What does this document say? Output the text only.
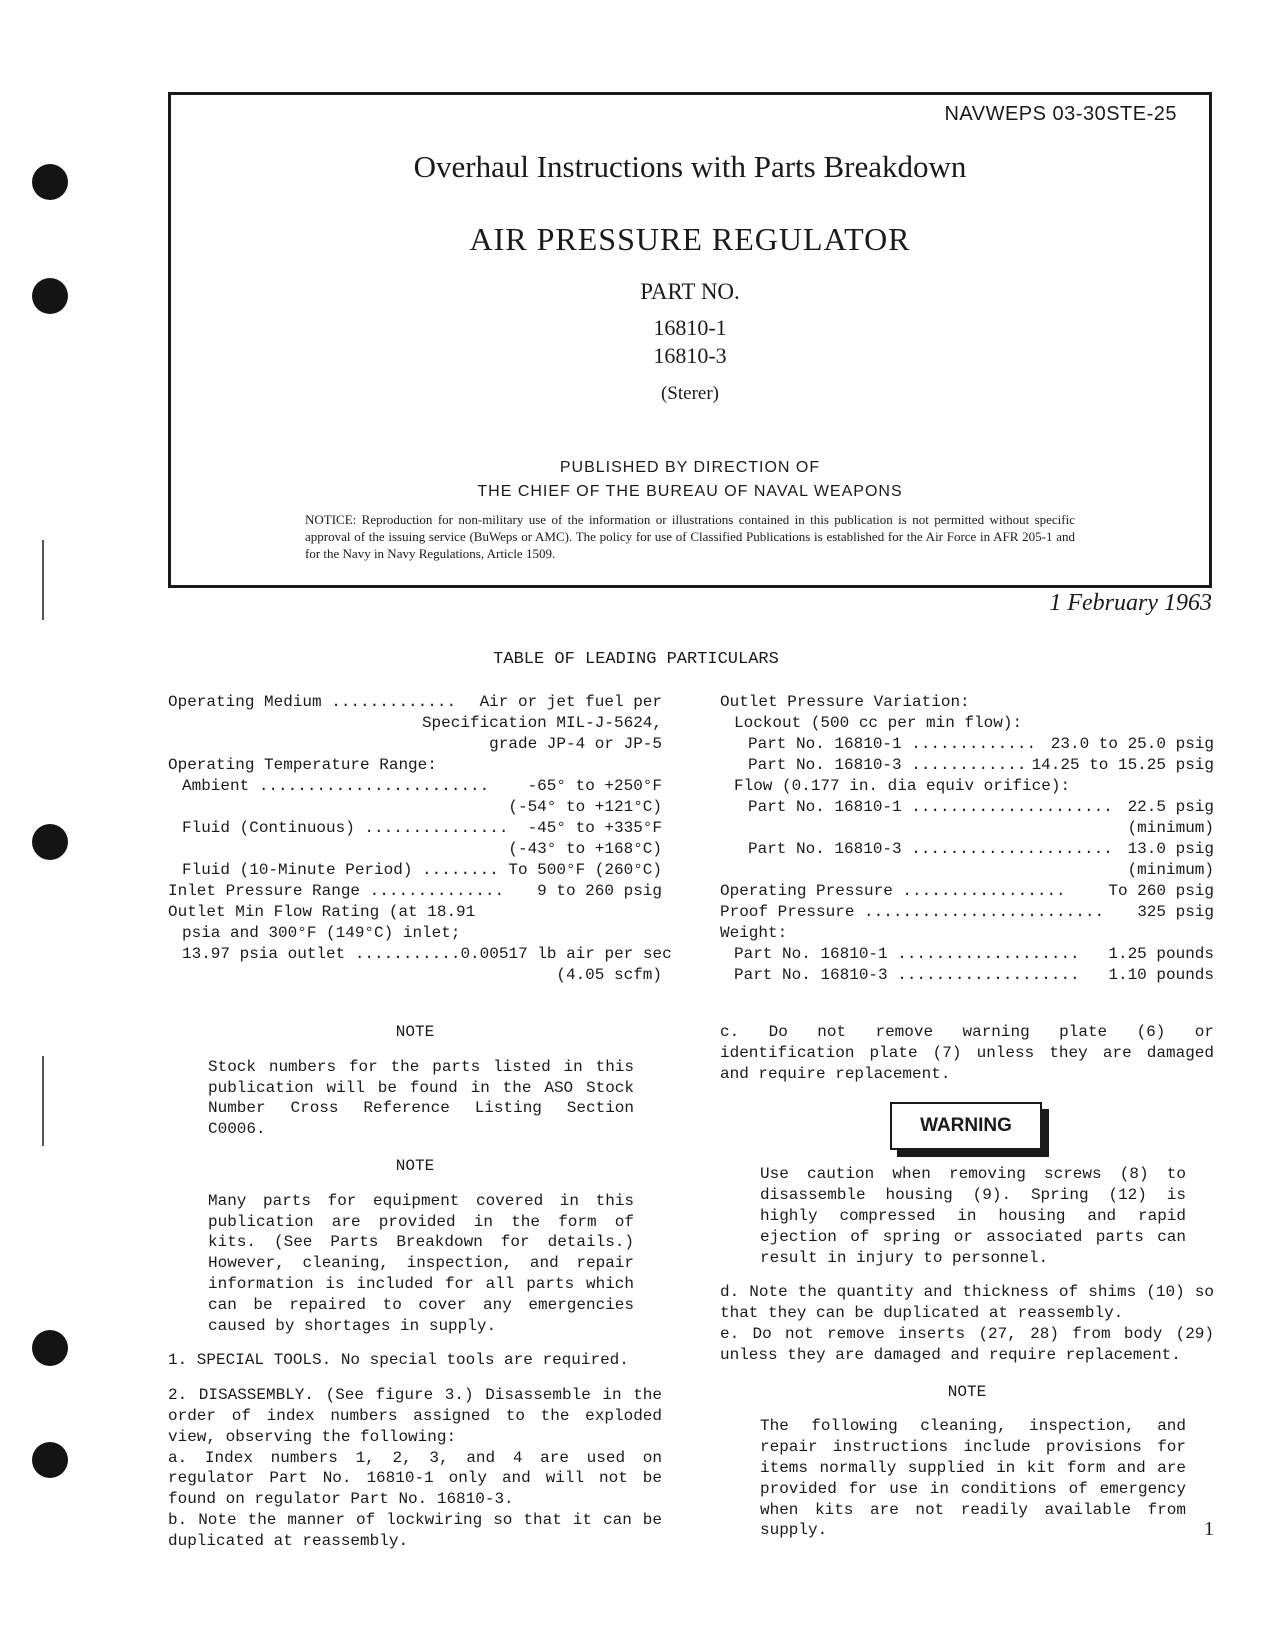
NAVWEPS 03-30STE-25
Overhaul Instructions with Parts Breakdown
AIR PRESSURE REGULATOR
PART NO.
16810-1
16810-3
(Sterer)
PUBLISHED BY DIRECTION OF
THE CHIEF OF THE BUREAU OF NAVAL WEAPONS
NOTICE: Reproduction for non-military use of the information or illustrations contained in this publication is not permitted without specific approval of the issuing service (BuWeps or AMC). The policy for use of Classified Publications is established for the Air Force in AFR 205-1 and for the Navy in Navy Regulations, Article 1509.
1 February 1963
TABLE OF LEADING PARTICULARS
Operating Medium ............. Air or jet fuel per
Specification MIL-J-5624,
grade JP-4 or JP-5
Operating Temperature Range:
Ambient ........................ -65° to +250°F
(-54° to +121°C)
Fluid (Continuous) ............... -45° to +335°F
(-43° to +168°C)
Fluid (10-Minute Period) ........ To 500°F (260°C)
Inlet Pressure Range .............. 9 to 260 psig
Outlet Min Flow Rating (at 18.91
psia and 300°F (149°C) inlet;
13.97 psia outlet ........... 0.00517 lb air per sec
(4.05 scfm)
Outlet Pressure Variation:
Lockout (500 cc per min flow):
Part No. 16810-1 ............. 23.0 to 25.0 psig
Part No. 16810-3 ............ 14.25 to 15.25 psig
Flow (0.177 in. dia equiv orifice):
Part No. 16810-1 ..................... 22.5 psig
(minimum)
Part No. 16810-3 ..................... 13.0 psig
(minimum)
Operating Pressure .................	To 260 psig
Proof Pressure ......................... 325 psig
Weight:
Part No. 16810-1 ................... 1.25 pounds
Part No. 16810-3 ................... 1.10 pounds
NOTE
Stock numbers for the parts listed in this publication will be found in the ASO Stock Number Cross Reference Listing Section C0006.
NOTE
Many parts for equipment covered in this publication are provided in the form of kits. (See Parts Breakdown for details.) However, cleaning, inspection, and repair information is included for all parts which can be repaired to cover any emergencies caused by shortages in supply.
1. SPECIAL TOOLS. No special tools are required.
2. DISASSEMBLY. (See figure 3.) Disassemble in the order of index numbers assigned to the exploded view, observing the following:
a. Index numbers 1, 2, 3, and 4 are used on regulator Part No. 16810-1 only and will not be found on regulator Part No. 16810-3.
b. Note the manner of lockwiring so that it can be duplicated at reassembly.
c. Do not remove warning plate (6) or identification plate (7) unless they are damaged and require replacement.
WARNING
Use caution when removing screws (8) to disassemble housing (9). Spring (12) is highly compressed in housing and rapid ejection of spring or associated parts can result in injury to personnel.
d. Note the quantity and thickness of shims (10) so that they can be duplicated at reassembly.
e. Do not remove inserts (27, 28) from body (29) unless they are damaged and require replacement.
NOTE
The following cleaning, inspection, and repair instructions include provisions for items normally supplied in kit form and are provided for use in conditions of emergency when kits are not readily available from supply.	1
